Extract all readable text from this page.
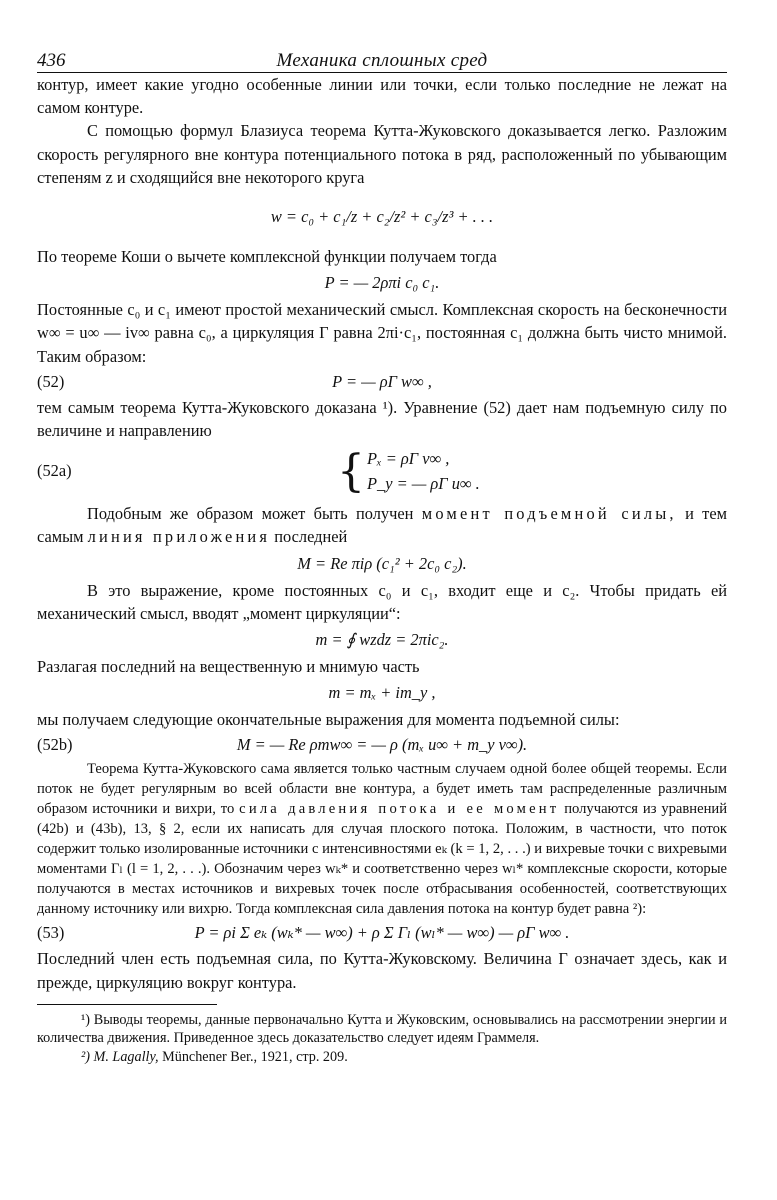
436	Механика сплошных сред

контур, имеет какие угодно особенные линии или точки, если только последние не лежат на самом контуре.

С помощью формул Блазиуса теорема Кутта-Жуковского доказывается легко. Разложим скорость регулярного вне контура потенциального потока в ряд, расположенный по убывающим степеням z и сходящийся вне некоторого круга

w = c₀ + c₁/z + c₂/z² + c₃/z³ + . . .

По теореме Коши о вычете комплексной функции получаем тогда

P = — 2ρπi c₀ c₁.

Постоянные c₀ и c₁ имеют простой механический смысл. Комплексная скорость на бесконечности w∞ = u∞ — iv∞ равна c₀, а циркуляция Γ равна 2πi·c₁, постоянная c₁ должна быть чисто мнимой. Таким образом:

(52)	P = — ρΓ w∞ ,

тем самым теорема Кутта-Жуковского доказана ¹). Уравнение (52) дает нам подъемную силу по величине и направлению

(52a)	{ Pₓ = ρΓ v∞ ,
P_y = — ρΓ u∞ .

Подобным же образом может быть получен момент подъемной силы, и тем самым линия приложения последней

M = Re πiρ (c₁² + 2c₀ c₂).

В это выражение, кроме постоянных c₀ и c₁, входит еще и c₂. Чтобы придать ей механический смысл, вводят „момент циркуляции“:

m = ∮ wzdz = 2πic₂.

Разлагая последний на вещественную и мнимую часть

m = mₓ + im_y ,

мы получаем следующие окончательные выражения для момента подъемной силы:

(52b)	M = — Re ρmw∞ = — ρ (mₓ u∞ + m_y v∞).

Теорема Кутта-Жуковского сама является только частным случаем одной более общей теоремы. Если поток не будет регулярным во всей области вне контура, а будет иметь там распределенные различным образом источники и вихри, то сила давления потока и ее момент получаются из уравнений (42b) и (43b), 13, § 2, если их написать для случая плоского потока. Положим, в частности, что поток содержит только изолированные источники с интенсивностями eₖ (k = 1, 2, . . .) и вихревые точки с вихревыми моментами Γₗ (l = 1, 2, . . .). Обозначим через wₖ* и соответственно через wₗ* комплексные скорости, которые получаются в местах источников и вихревых точек после отбрасывания особенностей, соответствующих данному источнику или вихрю. Тогда комплексная сила давления потока на контур будет равна ²):

(53)	P = ρi Σ eₖ (wₖ* — w∞) + ρ Σ Γₗ (wₗ* — w∞) — ρΓ w∞ .

Последний член есть подъемная сила, по Кутта-Жуковскому. Величина Γ означает здесь, как и прежде, циркуляцию вокруг контура.

¹) Выводы теоремы, данные первоначально Кутта и Жуковским, основывались на рассмотрении энергии и количества движения. Приведенное здесь доказательство следует идеям Граммеля.

²) M. Lagally, Münchener Ber., 1921, стр. 209.
